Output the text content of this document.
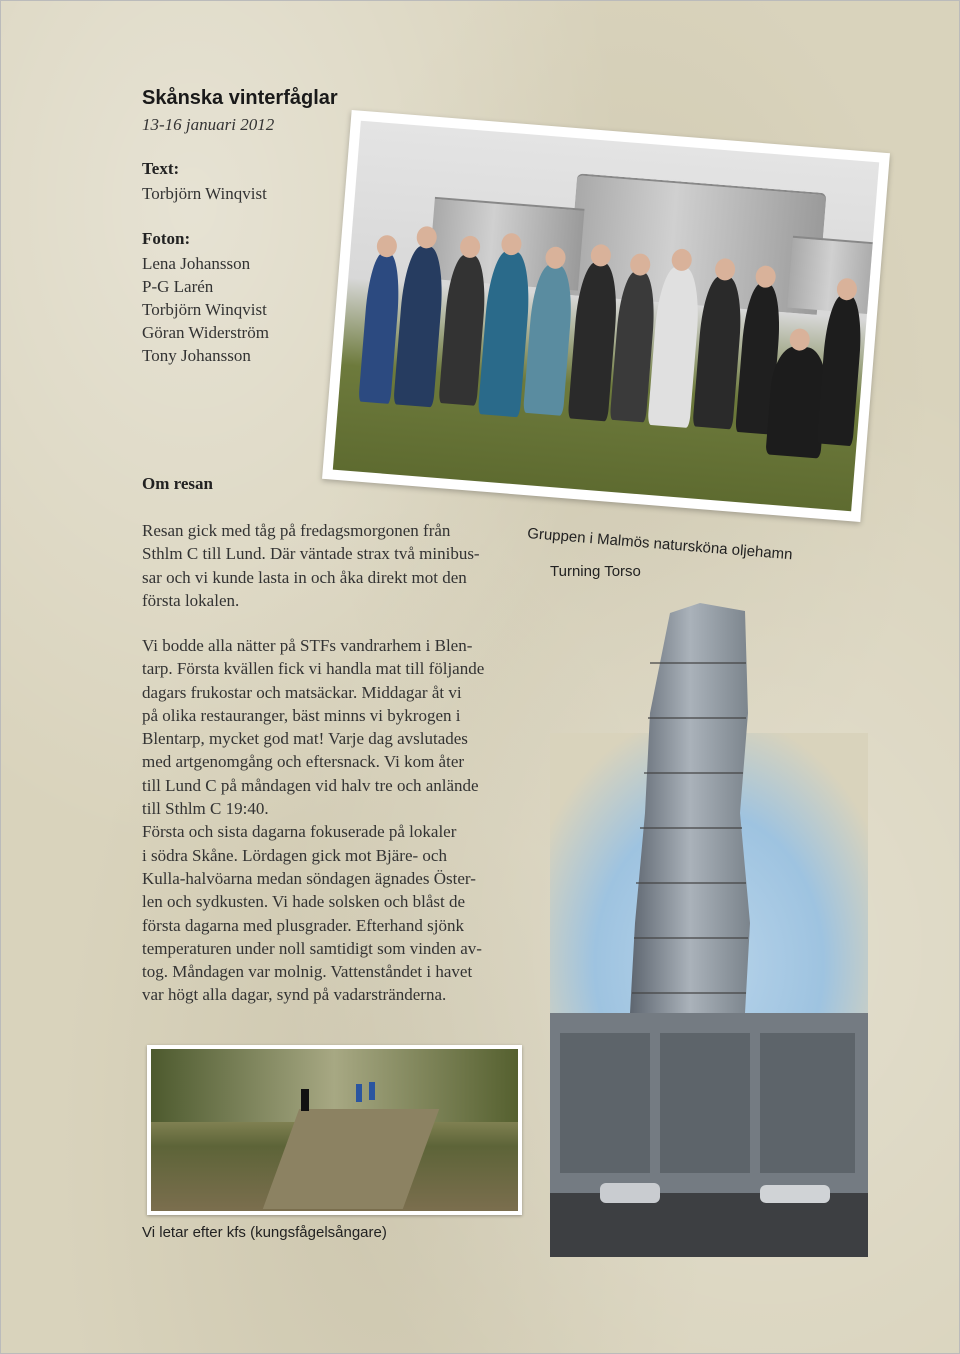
Skånska vinterfåglar
13-16 januari 2012
Text:
Torbjörn Winqvist
Foton:
Lena Johansson
P-G Larén
Torbjörn Winqvist
Göran Widerström
Tony Johansson
Gruppen i Malmös natursköna oljehamn
Om resan
Resan gick med tåg på fredagsmorgonen från
Sthlm C till Lund. Där väntade strax två minibus-
sar och vi kunde lasta in och åka direkt mot den
första lokalen.
Turning Torso
Vi bodde alla nätter på STFs vandrarhem i Blen-
tarp. Första kvällen fick vi handla mat till följande
dagars frukostar och matsäckar. Middagar åt vi
på olika restauranger, bäst minns vi bykrogen i
Blentarp, mycket god mat! Varje dag avslutades
med artgenomgång och eftersnack. Vi kom åter
till Lund C på måndagen vid halv tre och anlände
till Sthlm C 19:40.
Första och sista dagarna fokuserade på lokaler
i södra Skåne. Lördagen gick mot Bjäre- och
Kulla-halvöarna medan söndagen ägnades Öster-
len och sydkusten. Vi hade solsken och blåst de
första dagarna med plusgrader. Efterhand sjönk
temperaturen under noll samtidigt som vinden av-
tog. Måndagen var molnig. Vattenståndet i havet
var högt alla dagar, synd på vadarstränderna.
Vi letar efter kfs (kungsfågelsångare)
